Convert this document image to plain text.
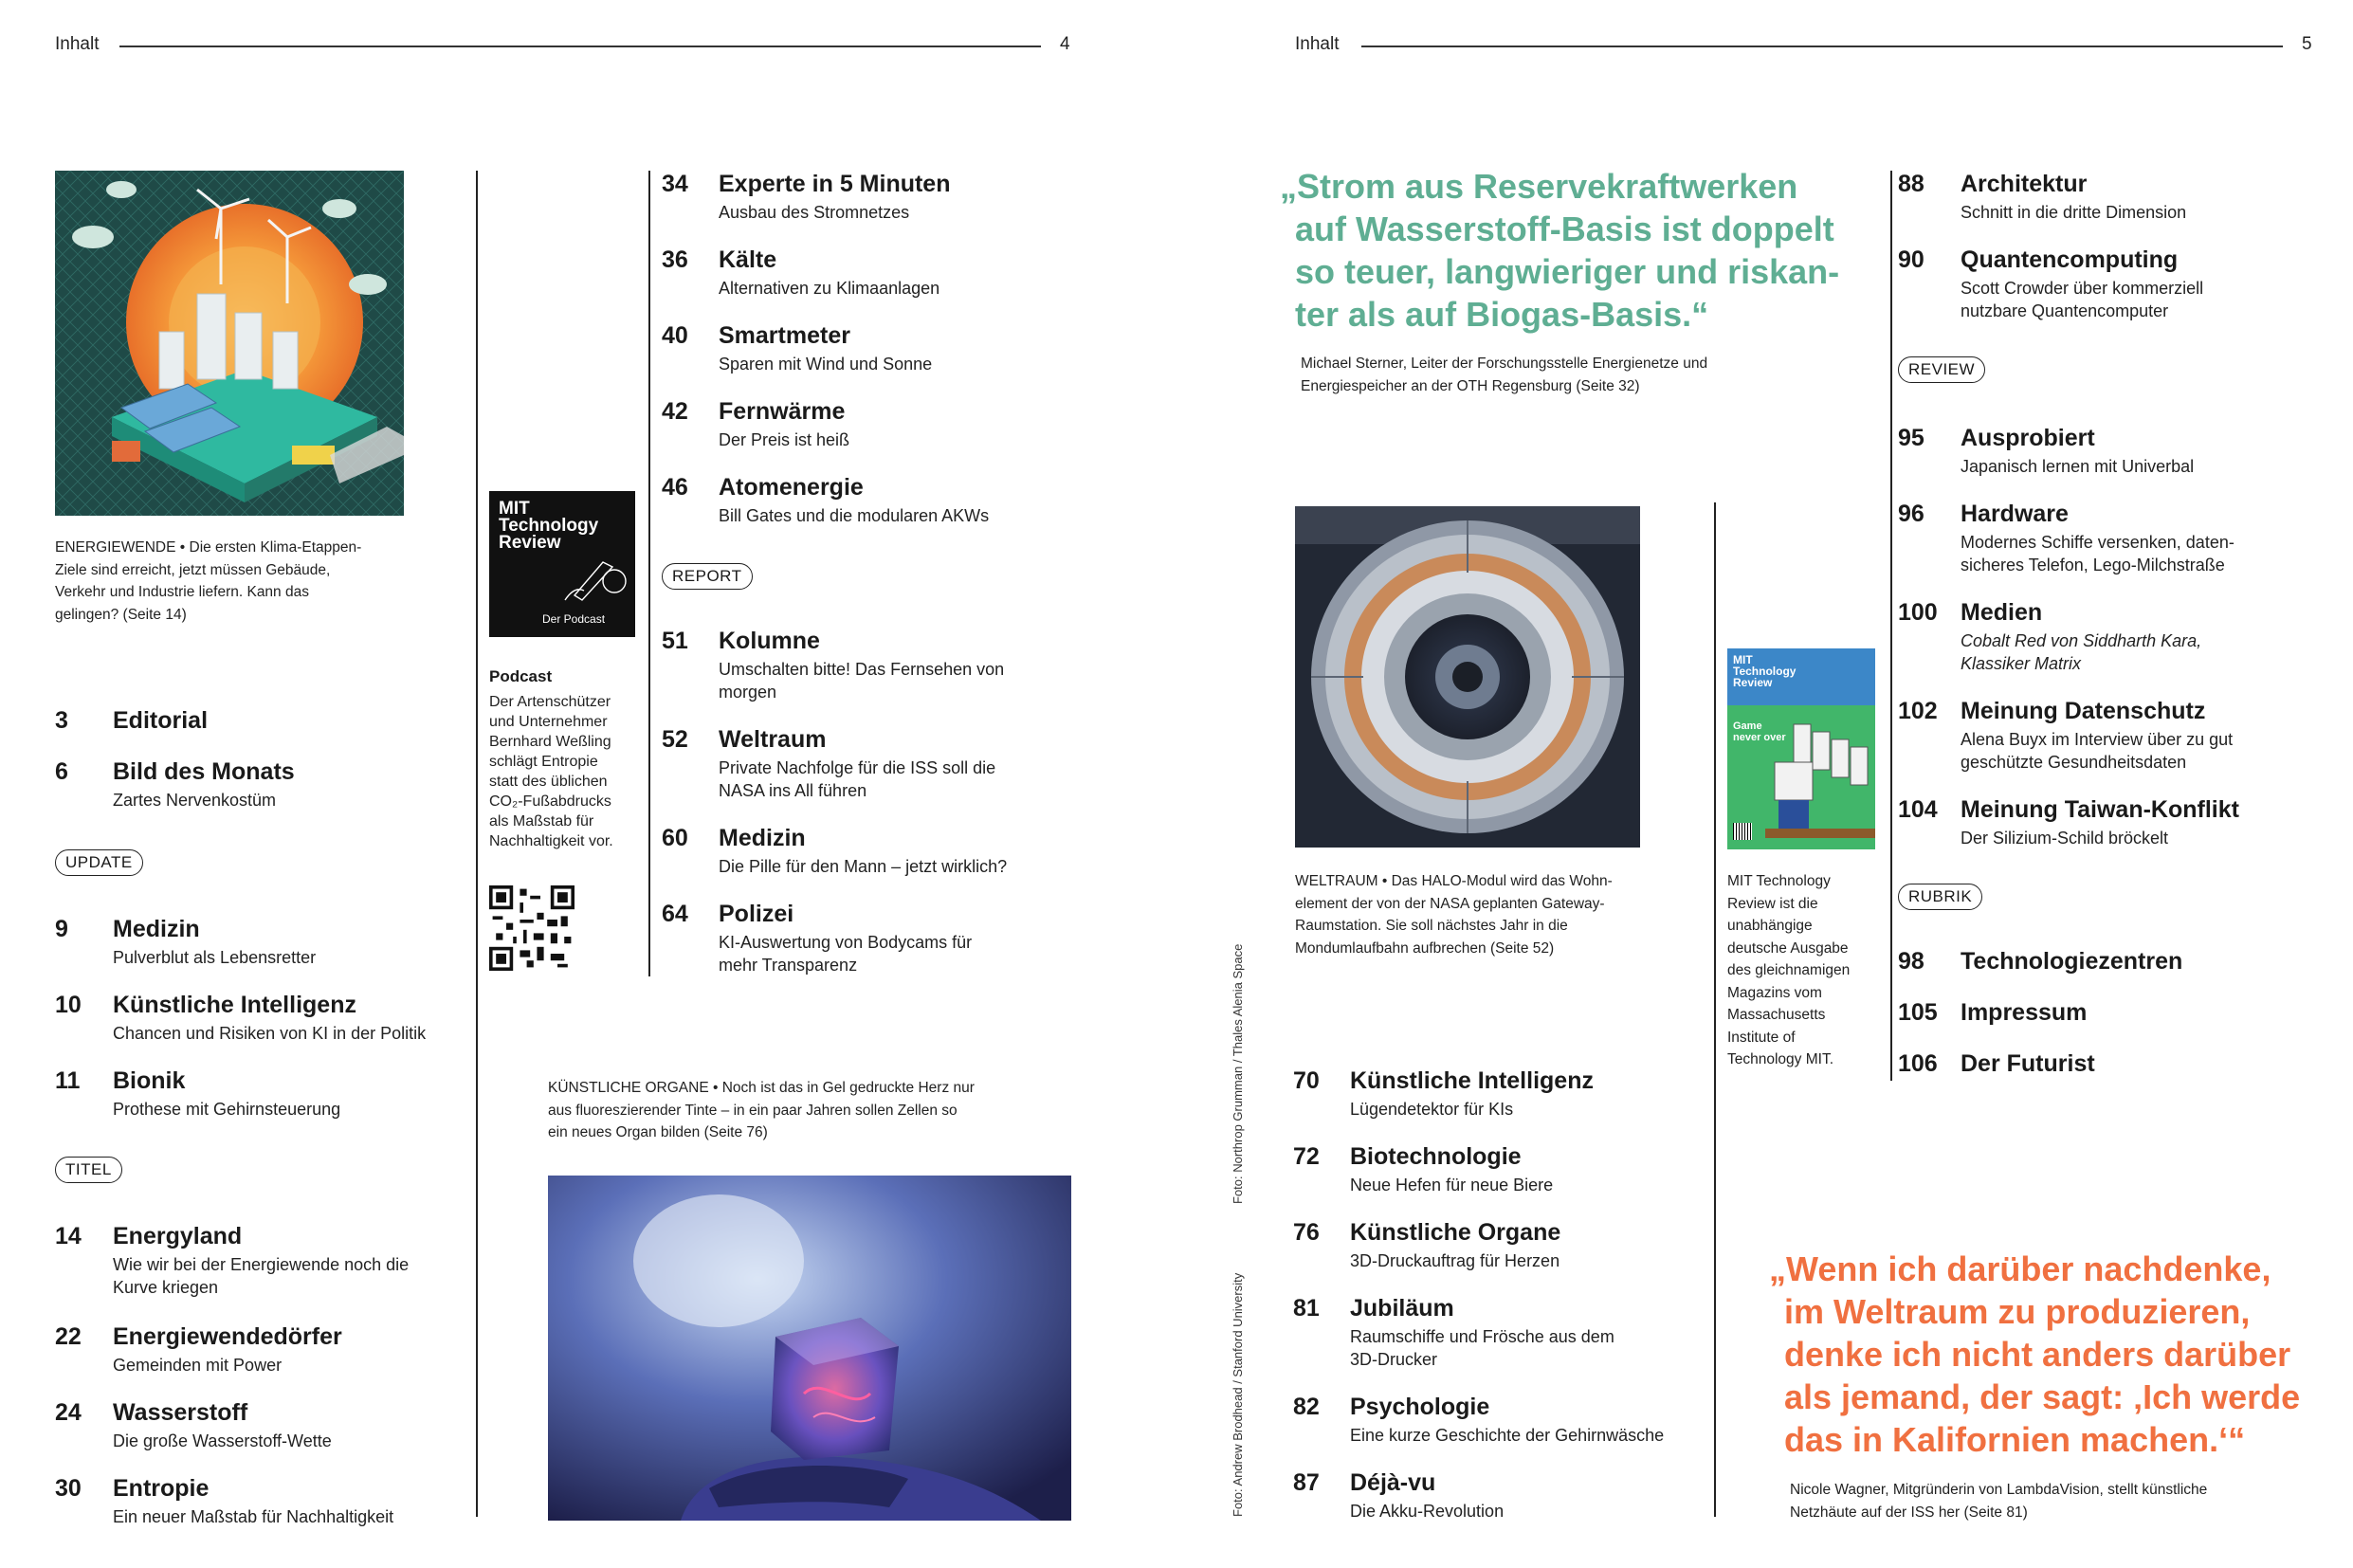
Inhalt	4	Inhalt	5
ENERGIEWENDE • Die ersten Klima-Etappen-
Ziele sind erreicht, jetzt müssen Gebäude,
Verkehr und Industrie liefern. Kann das
gelingen? (Seite 14)
3 Editorial
6 Bild des Monats
Zartes Nervenkostüm
UPDATE
9 Medizin
Pulverblut als Lebensretter
10 Künstliche Intelligenz
Chancen und Risiken von KI in der Politik
11 Bionik
Prothese mit Gehirnsteuerung
TITEL
14 Energyland
Wie wir bei der Energiewende noch die Kurve kriegen
22 Energiewendedörfer
Gemeinden mit Power
24 Wasserstoff
Die große Wasserstoff-Wette
30 Entropie
Ein neuer Maßstab für Nachhaltigkeit
MIT
Technology
Review
Der Podcast
Podcast
Der Artenschützer
und Unternehmer
Bernhard Weßling
schlägt Entropie
statt des üblichen
CO₂-Fußabdrucks
als Maßstab für
Nachhaltigkeit vor.
34 Experte in 5 Minuten
Ausbau des Stromnetzes
36 Kälte
Alternativen zu Klimaanlagen
40 Smartmeter
Sparen mit Wind und Sonne
42 Fernwärme
Der Preis ist heiß
46 Atomenergie
Bill Gates und die modularen AKWs
REPORT
51 Kolumne
Umschalten bitte! Das Fernsehen von morgen
52 Weltraum
Private Nachfolge für die ISS soll die NASA ins All führen
60 Medizin
Die Pille für den Mann – jetzt wirklich?
64 Polizei
KI-Auswertung von Bodycams für mehr Transparenz
KÜNSTLICHE ORGANE • Noch ist das in Gel gedruckte Herz nur
aus fluoreszierender Tinte – in ein paar Jahren sollen Zellen so
ein neues Organ bilden (Seite 76)
„Strom aus Reservekraftwerken
auf Wasserstoff-Basis ist doppelt
so teuer, langwieriger und riskan-
ter als auf Biogas-Basis.“
Michael Sterner, Leiter der Forschungsstelle Energienetze und
Energiespeicher an der OTH Regensburg (Seite 32)
WELTRAUM • Das HALO-Modul wird das Wohn-
element der von der NASA geplanten Gateway-
Raumstation. Sie soll nächstes Jahr in die
Mondumlaufbahn aufbrechen (Seite 52)
Foto: Northrop Grumman / Thales Alenia Space
Foto: Andrew Brodhead / Stanford University
MIT
Technology
Review
Game
never over
MIT Technology
Review ist die
unabhängige
deutsche Ausgabe
des gleichnamigen
Magazins vom
Massachusetts
Institute of
Technology MIT.
70 Künstliche Intelligenz
Lügendetektor für KIs
72 Biotechnologie
Neue Hefen für neue Biere
76 Künstliche Organe
3D-Druckauftrag für Herzen
81 Jubiläum
Raumschiffe und Frösche aus dem 3D-Drucker
82 Psychologie
Eine kurze Geschichte der Gehirnwäsche
87 Déjà-vu
Die Akku-Revolution
88 Architektur
Schnitt in die dritte Dimension
90 Quantencomputing
Scott Crowder über kommerziell nutzbare Quantencomputer
REVIEW
95 Ausprobiert
Japanisch lernen mit Univerbal
96 Hardware
Modernes Schiffe versenken, daten-sicheres Telefon, Lego-Milchstraße
100 Medien
Cobalt Red von Siddharth Kara, Klassiker Matrix
102 Meinung Datenschutz
Alena Buyx im Interview über zu gut geschützte Gesundheitsdaten
104 Meinung Taiwan-Konflikt
Der Silizium-Schild bröckelt
RUBRIK
98 Technologiezentren
105 Impressum
106 Der Futurist
„Wenn ich darüber nachdenke,
im Weltraum zu produzieren,
denke ich nicht anders darüber
als jemand, der sagt: ‚Ich werde
das in Kalifornien machen.‘“
Nicole Wagner, Mitgründerin von LambdaVision, stellt künstliche
Netzhäute auf der ISS her (Seite 81)
